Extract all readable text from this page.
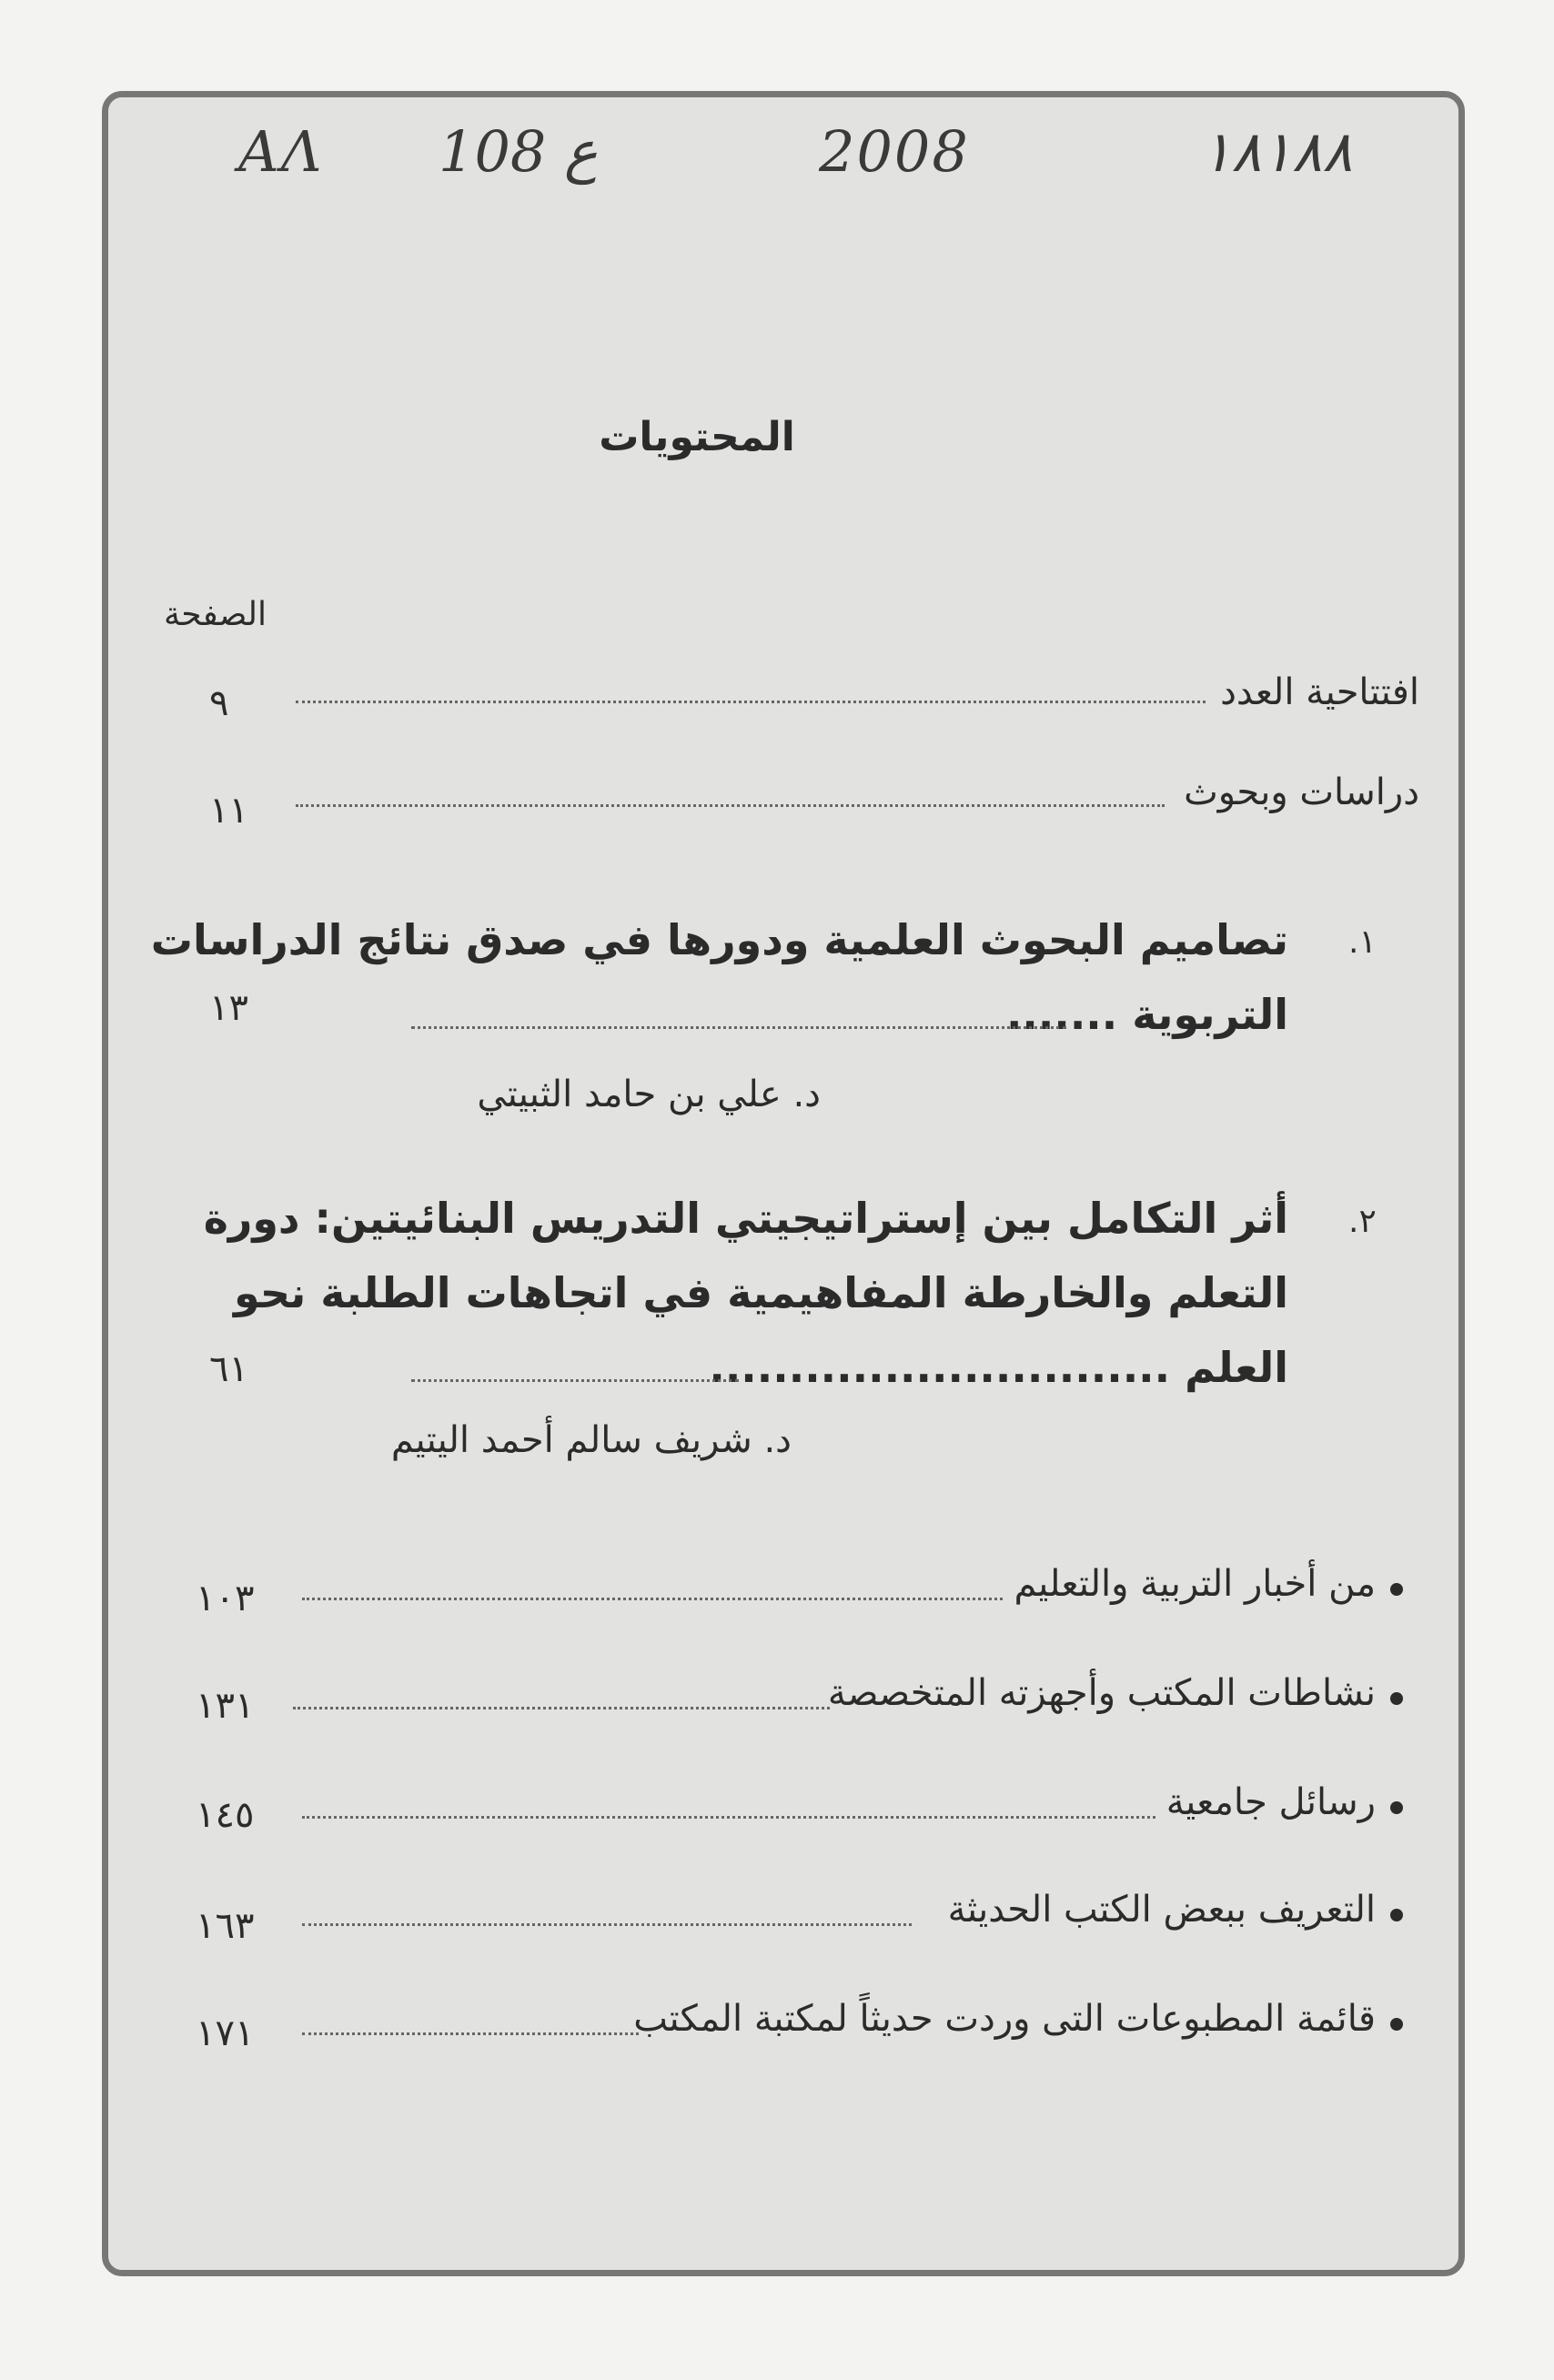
ΑΛ 108 ع	2008	١٨١٨٨
المحتويات
الصفحة
افتتاحية العدد
٩
دراسات وبحوث
١١
.١
تصاميم البحوث العلمية ودورها في صدق نتائج الدراسات
التربوية .......
١٣
د. علي بن حامد الثبيتي
.٢
أثر التكامل بين إستراتيجيتي التدريس البنائيتين: دورة
التعلم والخارطة المفاهيمية في اتجاهات الطلبة نحو
العلم .............................
٦١
د. شريف سالم أحمد اليتيم
من أخبار التربية والتعليم
١٠٣
نشاطات المكتب وأجهزته المتخصصة
١٣١
رسائل جامعية
١٤٥
التعريف ببعض الكتب الحديثة
١٦٣
قائمة المطبوعات التى وردت حديثاً لمكتبة المكتب
١٧١
